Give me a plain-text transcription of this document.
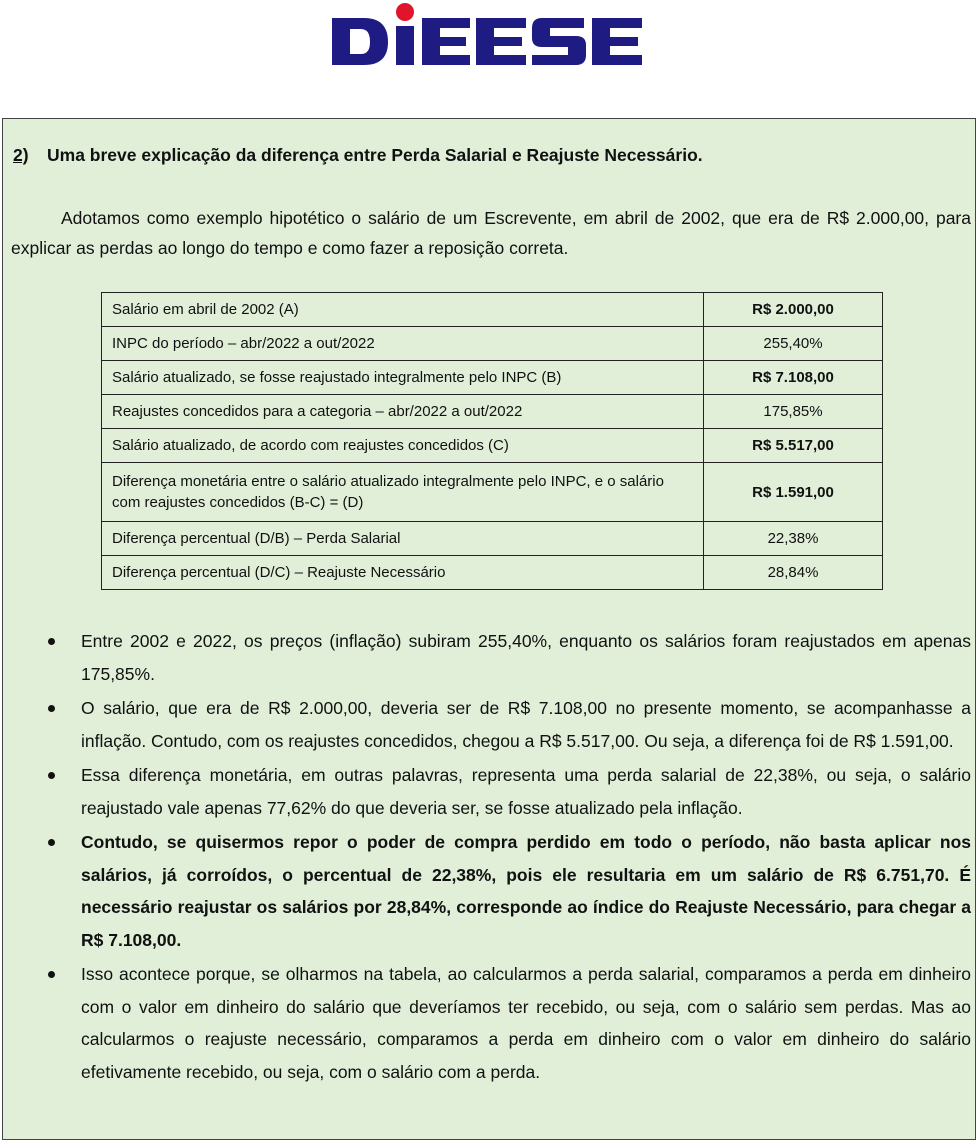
2) Uma breve explicação da diferença entre Perda Salarial e Reajuste Necessário.
Adotamos como exemplo hipotético o salário de um Escrevente, em abril de 2002, que era de R$ 2.000,00, para explicar as perdas ao longo do tempo e como fazer a reposição correta.
Salário em abril de 2002 (A)	R$ 2.000,00
INPC do período – abr/2022 a out/2022	255,40%
Salário atualizado, se fosse reajustado integralmente pelo INPC (B)	R$ 7.108,00
Reajustes concedidos para a categoria – abr/2022 a out/2022	175,85%
Salário atualizado, de acordo com reajustes concedidos (C)	R$ 5.517,00
Diferença monetária entre o salário atualizado integralmente pelo INPC, e o salário com reajustes concedidos (B-C) = (D)	R$ 1.591,00
Diferença percentual (D/B) – Perda Salarial	22,38%
Diferença percentual (D/C) – Reajuste Necessário	28,84%
Entre 2002 e 2022, os preços (inflação) subiram 255,40%, enquanto os salários foram reajustados em apenas 175,85%.
O salário, que era de R$ 2.000,00, deveria ser de R$ 7.108,00 no presente momento, se acompanhasse a inflação. Contudo, com os reajustes concedidos, chegou a R$ 5.517,00. Ou seja, a diferença foi de R$ 1.591,00.
Essa diferença monetária, em outras palavras, representa uma perda salarial de 22,38%, ou seja, o salário reajustado vale apenas 77,62% do que deveria ser, se fosse atualizado pela inflação.
Contudo, se quisermos repor o poder de compra perdido em todo o período, não basta aplicar nos salários, já corroídos, o percentual de 22,38%, pois ele resultaria em um salário de R$ 6.751,70. É necessário reajustar os salários por 28,84%, corresponde ao índice do Reajuste Necessário, para chegar a R$ 7.108,00.
Isso acontece porque, se olharmos na tabela, ao calcularmos a perda salarial, comparamos a perda em dinheiro com o valor em dinheiro do salário que deveríamos ter recebido, ou seja, com o salário sem perdas. Mas ao calcularmos o reajuste necessário, comparamos a perda em dinheiro com o valor em dinheiro do salário efetivamente recebido, ou seja, com o salário com a perda.
